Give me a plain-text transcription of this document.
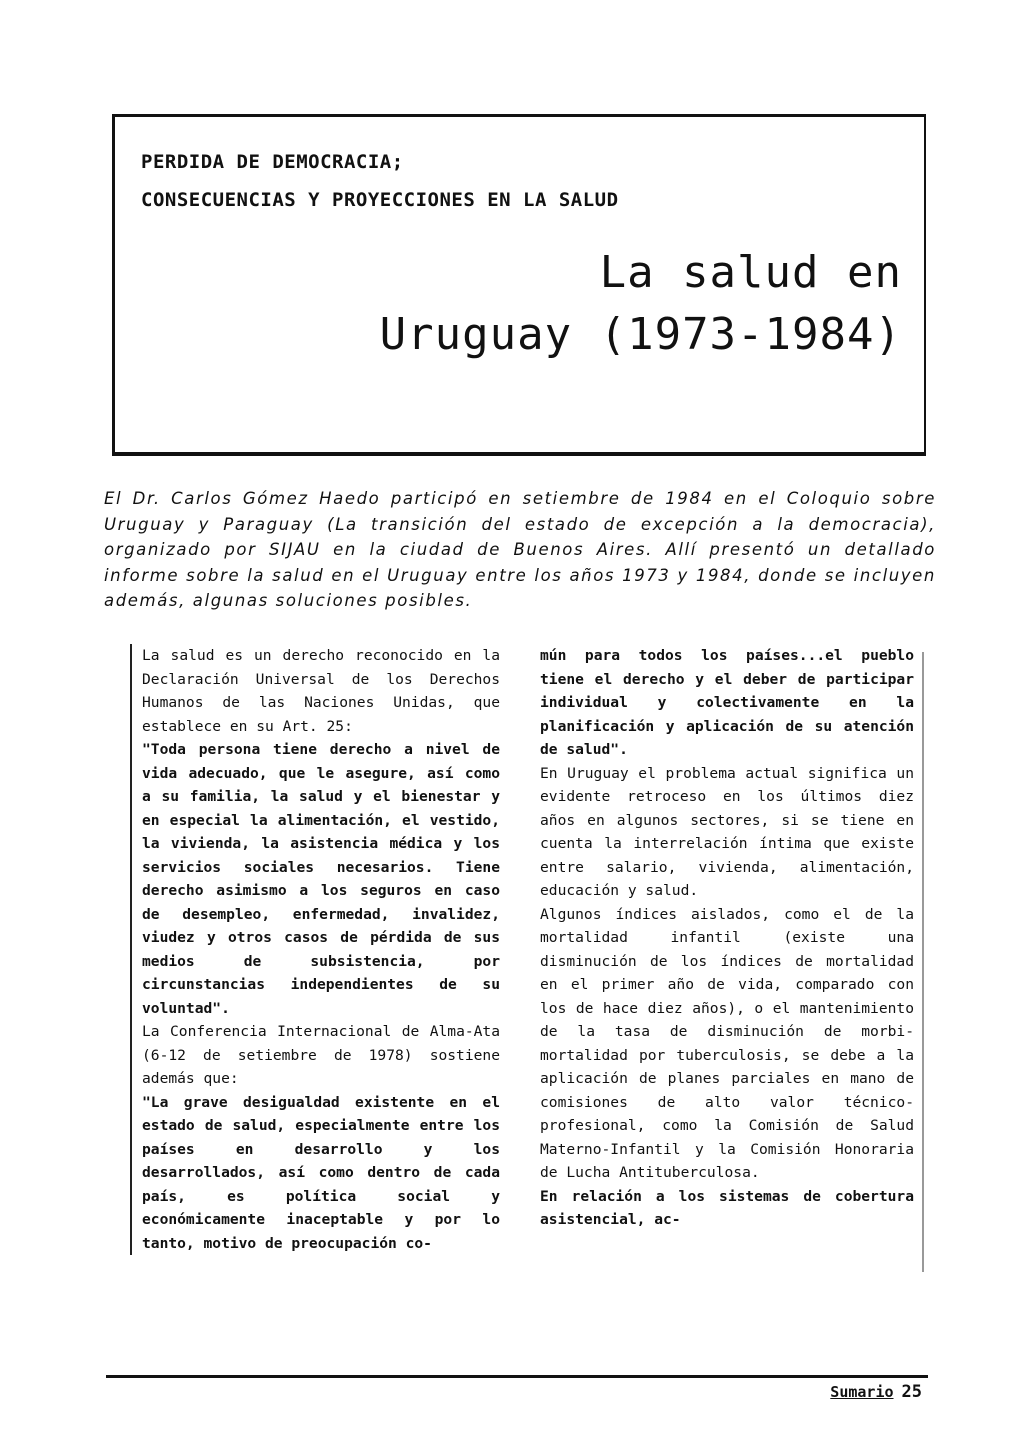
PERDIDA DE DEMOCRACIA;
CONSECUENCIAS Y PROYECCIONES EN LA SALUD
La salud en
Uruguay (1973-1984)

El Dr. Carlos Gómez Haedo participó en setiembre de 1984 en el Coloquio sobre Uruguay y Paraguay (La transición del estado de excepción a la democracia), organizado por SIJAU en la ciudad de Buenos Aires. Allí presentó un detallado informe sobre la salud en el Uruguay entre los años 1973 y 1984, donde se incluyen además, algunas soluciones posibles.

La salud es un derecho reconocido en la Declaración Universal de los Derechos Humanos de las Naciones Unidas, que establece en su Art. 25:

"Toda persona tiene derecho a nivel de vida adecuado, que le asegure, así como a su familia, la salud y el bienestar y en especial la alimentación, el vestido, la vivienda, la asistencia médica y los servicios sociales necesarios. Tiene derecho asimismo a los seguros en caso de desempleo, enfermedad, invalidez, viudez y otros casos de pérdida de sus medios de subsistencia, por circunstancias independientes de su voluntad".

La Conferencia Internacional de Alma-Ata (6-12 de setiembre de 1978) sostiene además que:

"La grave desigualdad existente en el estado de salud, especialmente entre los países en desarrollo y los desarrollados, así como dentro de cada país, es política social y económicamente inaceptable y por lo tanto, motivo de preocupación co-

mún para todos los países...el pueblo tiene el derecho y el deber de participar individual y colectivamente en la planificación y aplicación de su atención de salud".

En Uruguay el problema actual significa un evidente retroceso en los últimos diez años en algunos sectores, si se tiene en cuenta la interrelación íntima que existe entre salario, vivienda, alimentación, educación y salud.

Algunos índices aislados, como el de la mortalidad infantil (existe una disminución de los índices de mortalidad en el primer año de vida, comparado con los de hace diez años), o el mantenimiento de la tasa de disminución de morbi-mortalidad por tuberculosis, se debe a la aplicación de planes parciales en mano de comisiones de alto valor técnico-profesional, como la Comisión de Salud Materno-Infantil y la Comisión Honoraria de Lucha Antituberculosa.

En relación a los sistemas de cobertura asistencial, ac-

Sumario 25
